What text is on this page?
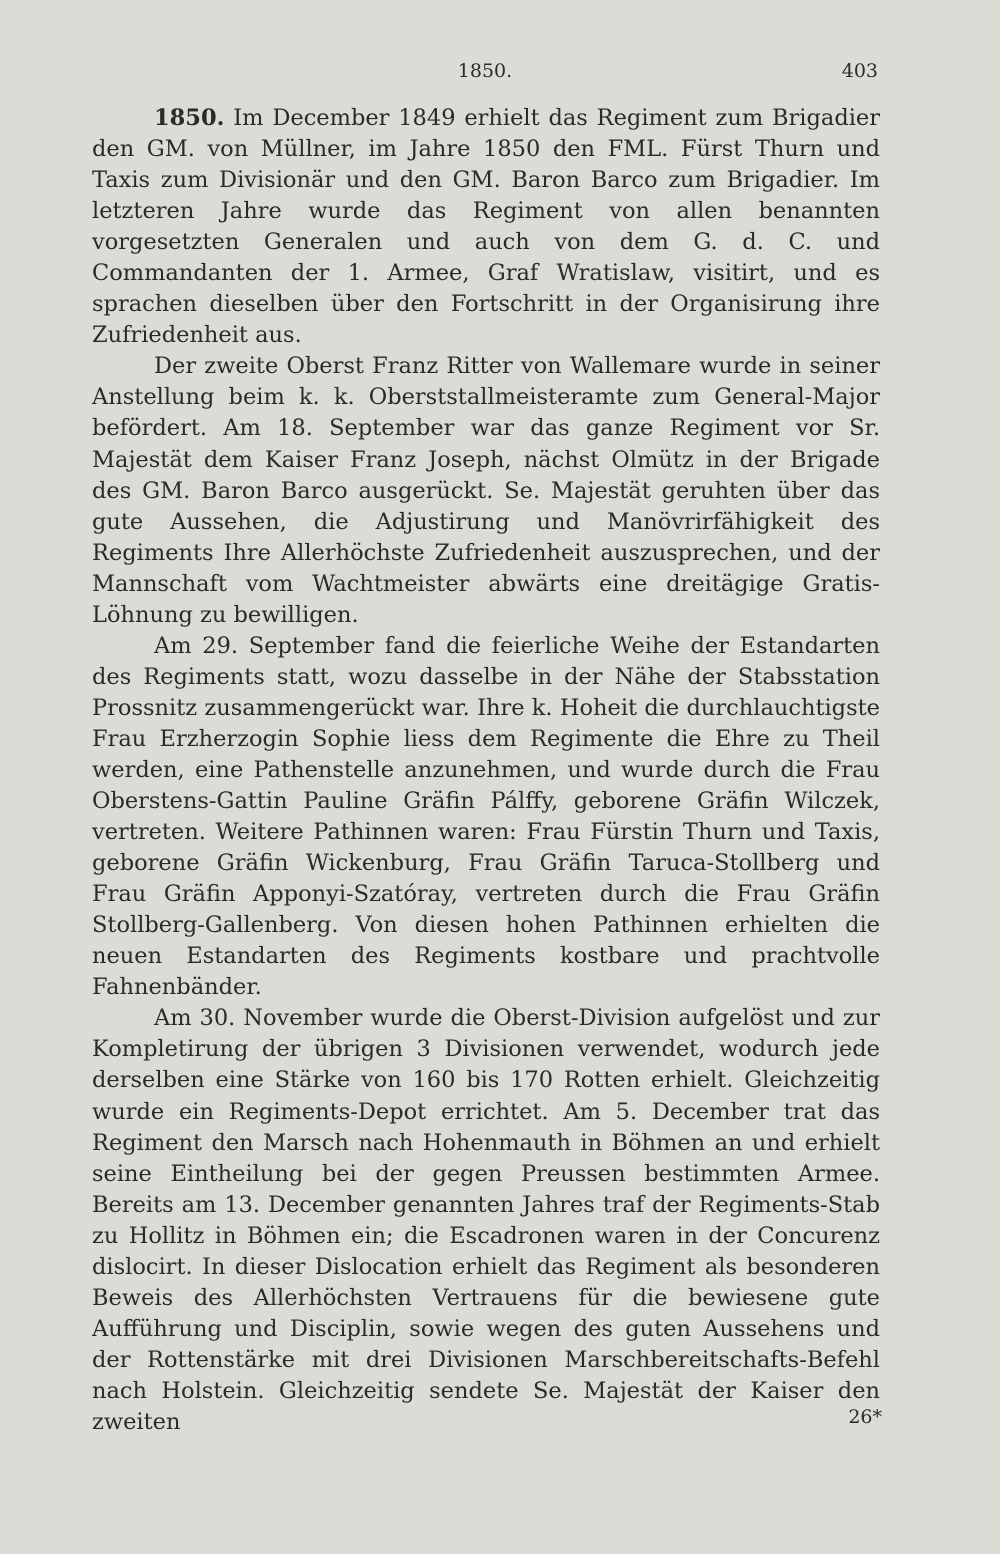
1850.	403

1850. Im December 1849 erhielt das Regiment zum Brigadier den GM. von Müllner, im Jahre 1850 den FML. Fürst Thurn und Taxis zum Divisionär und den GM. Baron Barco zum Brigadier. Im letzteren Jahre wurde das Regiment von allen benannten vorgesetzten Generalen und auch von dem G. d. C. und Commandanten der 1. Armee, Graf Wratislaw, visitirt, und es sprachen dieselben über den Fortschritt in der Organisirung ihre Zufriedenheit aus.

Der zweite Oberst Franz Ritter von Wallemare wurde in seiner Anstellung beim k. k. Oberststallmeisteramte zum General-Major befördert. Am 18. September war das ganze Regiment vor Sr. Majestät dem Kaiser Franz Joseph, nächst Olmütz in der Brigade des GM. Baron Barco ausgerückt. Se. Majestät geruhten über das gute Aussehen, die Adjustirung und Manövrirfähigkeit des Regiments Ihre Allerhöchste Zufriedenheit auszusprechen, und der Mannschaft vom Wachtmeister abwärts eine dreitägige Gratis-Löhnung zu bewilligen.

Am 29. September fand die feierliche Weihe der Estandarten des Regiments statt, wozu dasselbe in der Nähe der Stabsstation Prossnitz zusammengerückt war. Ihre k. Hoheit die durchlauchtigste Frau Erzherzogin Sophie liess dem Regimente die Ehre zu Theil werden, eine Pathenstelle anzunehmen, und wurde durch die Frau Oberstens-Gattin Pauline Gräfin Pálffy, geborene Gräfin Wilczek, vertreten. Weitere Pathinnen waren: Frau Fürstin Thurn und Taxis, geborene Gräfin Wickenburg, Frau Gräfin Taruca-Stollberg und Frau Gräfin Apponyi-Szatóray, vertreten durch die Frau Gräfin Stollberg-Gallenberg. Von diesen hohen Pathinnen erhielten die neuen Estandarten des Regiments kostbare und prachtvolle Fahnenbänder.

Am 30. November wurde die Oberst-Division aufgelöst und zur Kompletirung der übrigen 3 Divisionen verwendet, wodurch jede derselben eine Stärke von 160 bis 170 Rotten erhielt. Gleichzeitig wurde ein Regiments-Depot errichtet. Am 5. December trat das Regiment den Marsch nach Hohenmauth in Böhmen an und erhielt seine Eintheilung bei der gegen Preussen bestimmten Armee. Bereits am 13. December genannten Jahres traf der Regiments-Stab zu Hollitz in Böhmen ein; die Escadronen waren in der Concurenz dislocirt. In dieser Dislocation erhielt das Regiment als besonderen Beweis des Allerhöchsten Vertrauens für die bewiesene gute Aufführung und Disciplin, sowie wegen des guten Aussehens und der Rottenstärke mit drei Divisionen Marschbereitschafts-Befehl nach Holstein. Gleichzeitig sendete Se. Majestät der Kaiser den zweiten	26*
